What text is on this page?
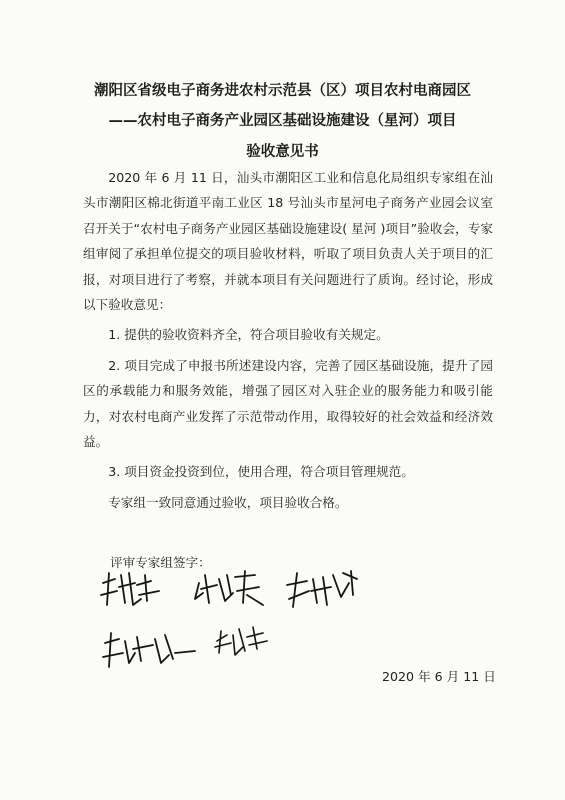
潮阳区省级电子商务进农村示范县（区）项目农村电商园区
——农村电子商务产业园区基础设施建设（星河）项目
验收意见书

2020 年 6 月 11 日，汕头市潮阳区工业和信息化局组织专家组在汕头市潮阳区棉北街道平南工业区 18 号汕头市星河电子商务产业园会议室召开关于“农村电子商务产业园区基础设施建设( 星河 )项目”验收会，专家组审阅了承担单位提交的项目验收材料，听取了项目负责人关于项目的汇报，对项目进行了考察，并就本项目有关问题进行了质询。经讨论，形成以下验收意见：

1. 提供的验收资料齐全，符合项目验收有关规定。

2. 项目完成了申报书所述建设内容，完善了园区基础设施，提升了园区的承载能力和服务效能，增强了园区对入驻企业的服务能力和吸引能力，对农村电商产业发挥了示范带动作用，取得较好的社会效益和经济效益。

3. 项目资金投资到位，使用合理，符合项目管理规范。

专家组一致同意通过验收，项目验收合格。

评审专家组签字：
2020 年 6 月 11 日
